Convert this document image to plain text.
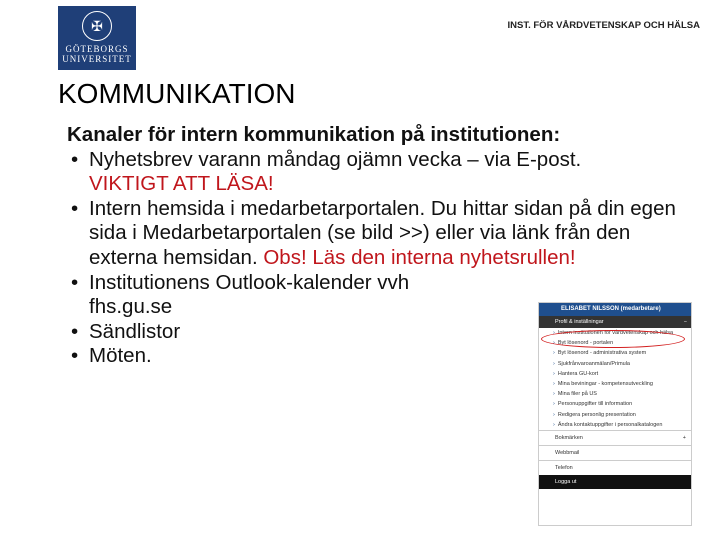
✠
GÖTEBORGS
UNIVERSITET
INST. FÖR VÅRDVETENSKAP OCH HÄLSA
KOMMUNIKATION
Kanaler för intern kommunikation på institutionen:
• Nyhetsbrev varann måndag ojämn vecka – via E-post.
VIKTIGT ATT LÄSA!
• Intern hemsida i medarbetarportalen. Du hittar sidan på din egen sida i Medarbetarportalen (se bild >>) eller via länk från den externa hemsidan. Obs! Läs den interna nyhetsrullen!
• Institutionens Outlook-kalender vvh fhs.gu.se
• Sändlistor
• Möten.
ELISABET NILSSON (medarbetare)
Profil & inställningar	−
› Intern institutionen för vårdvetenskap och hälsa
› Byt lösenord - portalen
› Byt lösenord - administrativa system
› Sjukfrånvaroanmälan/Primula
› Hantera GU-kort
› Mina beviningar - kompetensutveckling
› Mina filer på US
› Personuppgifter till information
› Redigera personlig presentation
› Ändra kontaktuppgifter i personalkatalogen
Bokmärken	+
Webbmail
Telefon
Logga ut
